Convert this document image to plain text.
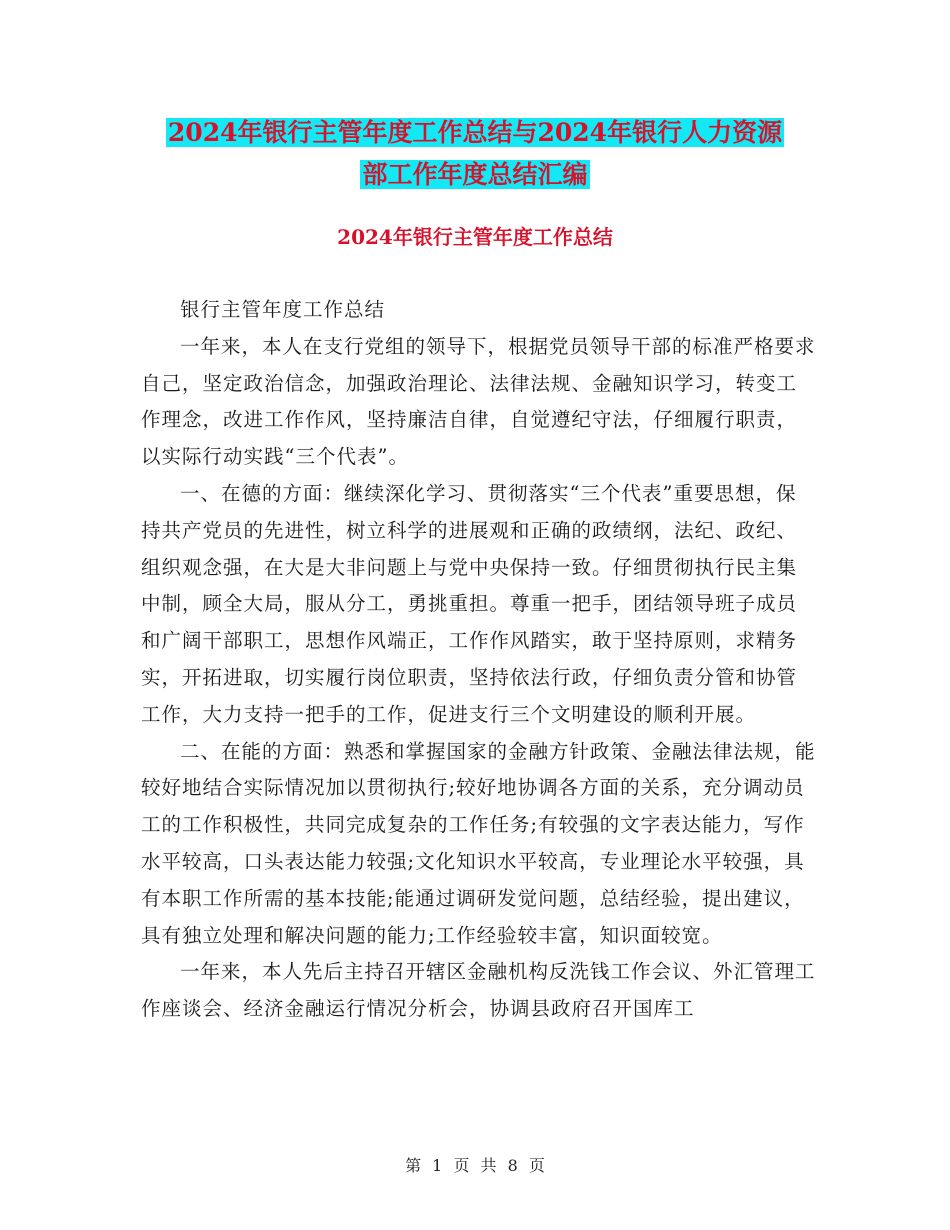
2024年银行主管年度工作总结与2024年银行人力资源
部工作年度总结汇编
2024年银行主管年度工作总结

银行主管年度工作总结

一年来，本人在支行党组的领导下，根据党员领导干部的标准严格要求自己，坚定政治信念，加强政治理论、法律法规、金融知识学习，转变工作理念，改进工作作风，坚持廉洁自律，自觉遵纪守法，仔细履行职责，以实际行动实践“三个代表”。

一、在德的方面：继续深化学习、贯彻落实“三个代表”重要思想，保持共产党员的先进性，树立科学的进展观和正确的政绩纲，法纪、政纪、组织观念强，在大是大非问题上与党中央保持一致。仔细贯彻执行民主集中制，顾全大局，服从分工，勇挑重担。尊重一把手，团结领导班子成员和广阔干部职工，思想作风端正，工作作风踏实，敢于坚持原则，求精务实，开拓进取，切实履行岗位职责，坚持依法行政，仔细负责分管和协管工作，大力支持一把手的工作，促进支行三个文明建设的顺利开展。

二、在能的方面：熟悉和掌握国家的金融方针政策、金融法律法规，能较好地结合实际情况加以贯彻执行;较好地协调各方面的关系，充分调动员工的工作积极性，共同完成复杂的工作任务;有较强的文字表达能力，写作水平较高，口头表达能力较强;文化知识水平较高，专业理论水平较强，具有本职工作所需的基本技能;能通过调研发觉问题，总结经验，提出建议，具有独立处理和解决问题的能力;工作经验较丰富，知识面较宽。

一年来，本人先后主持召开辖区金融机构反洗钱工作会议、外汇管理工作座谈会、经济金融运行情况分析会，协调县政府召开国库工

第 1 页 共 8 页
